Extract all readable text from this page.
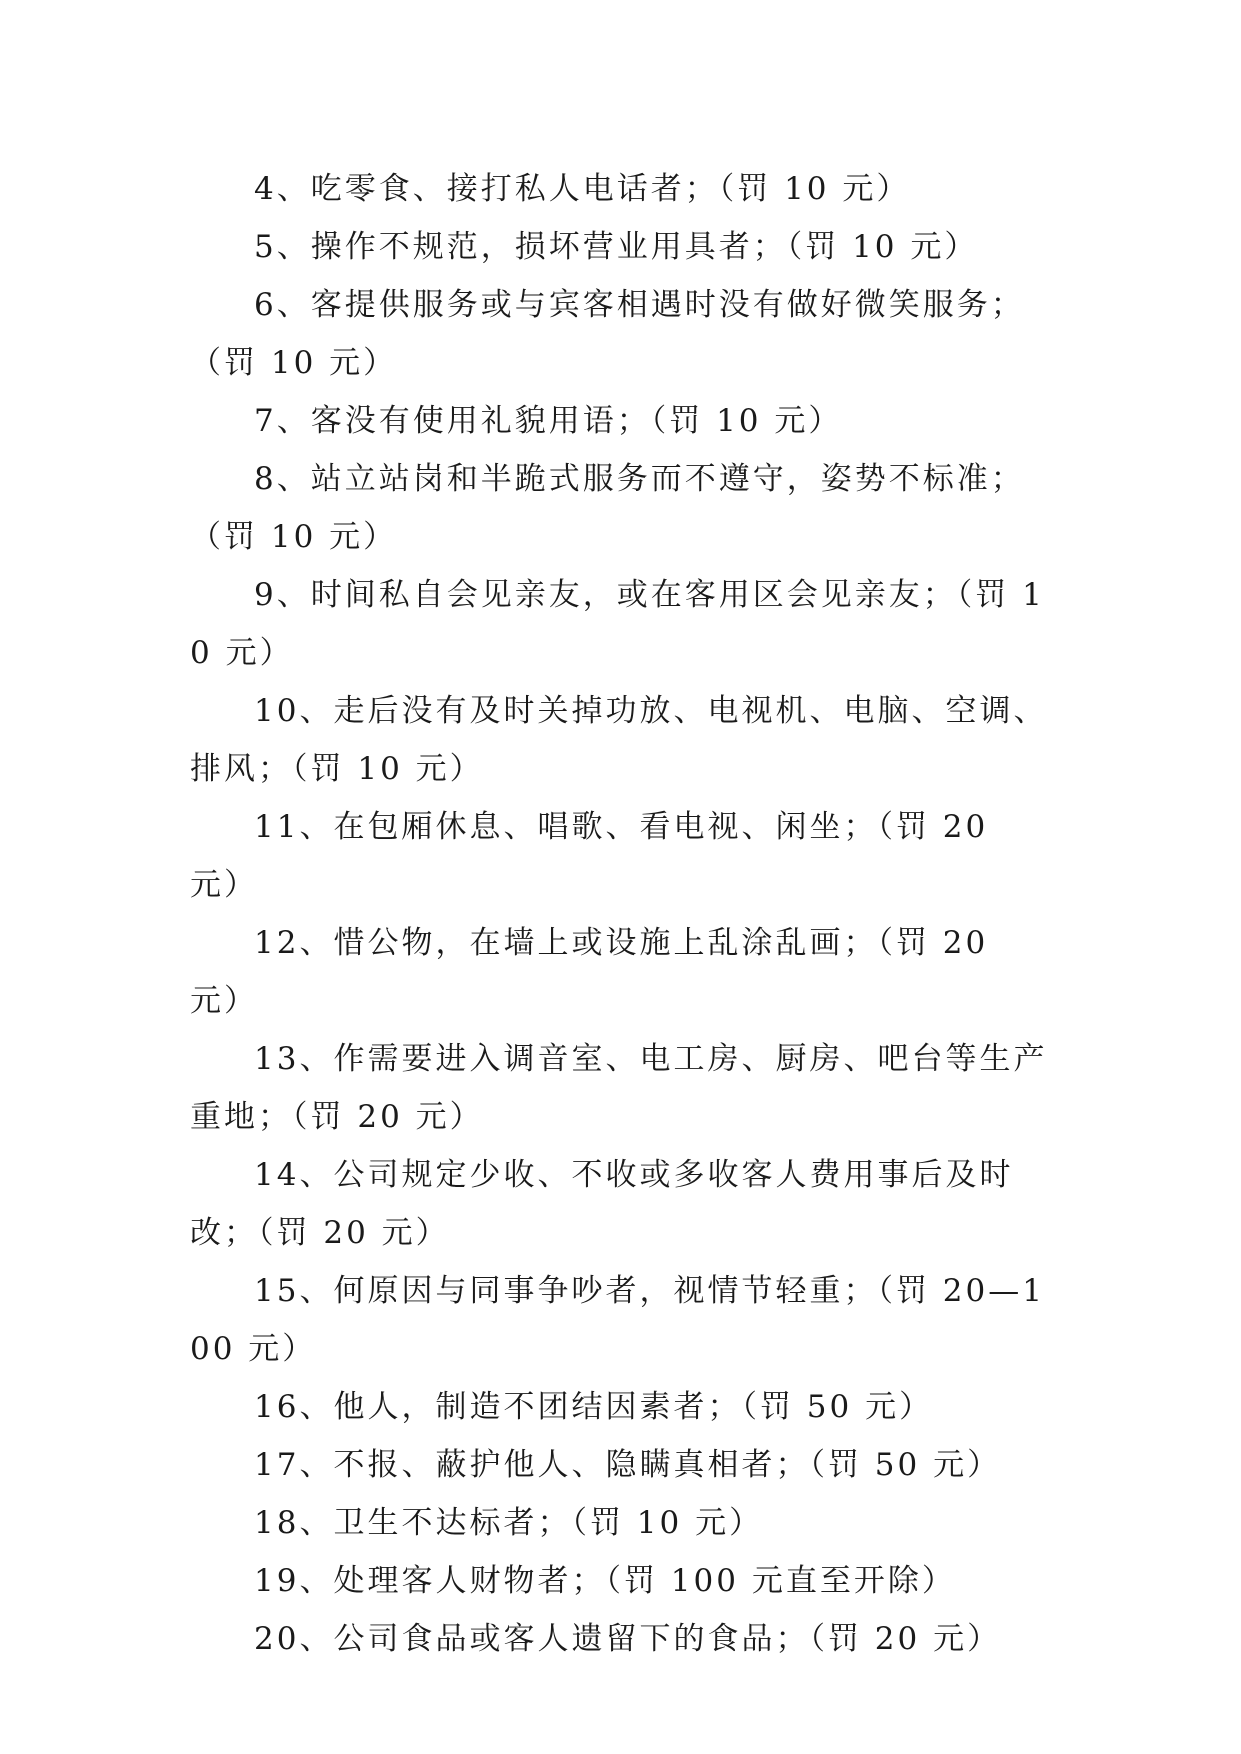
4、吃零食、接打私人电话者；（罚 10 元）

5、操作不规范，损坏营业用具者；（罚 10 元）

6、客提供服务或与宾客相遇时没有做好微笑服务；（罚 10 元）

7、客没有使用礼貌用语；（罚 10 元）

8、站立站岗和半跪式服务而不遵守，姿势不标准；（罚 10 元）

9、时间私自会见亲友，或在客用区会见亲友；（罚 10 元）

10、走后没有及时关掉功放、电视机、电脑、空调、排风；（罚 10 元）

11、在包厢休息、唱歌、看电视、闲坐；（罚 20 元）

12、惜公物，在墙上或设施上乱涂乱画；（罚 20 元）

13、作需要进入调音室、电工房、厨房、吧台等生产重地；（罚 20 元）

14、公司规定少收、不收或多收客人费用事后及时改；（罚 20 元）

15、何原因与同事争吵者，视情节轻重；（罚 20—100 元）

16、他人，制造不团结因素者；（罚 50 元）

17、不报、蔽护他人、隐瞒真相者；（罚 50 元）

18、卫生不达标者；（罚 10 元）

19、处理客人财物者；（罚 100 元直至开除）

20、公司食品或客人遗留下的食品；（罚 20 元）
